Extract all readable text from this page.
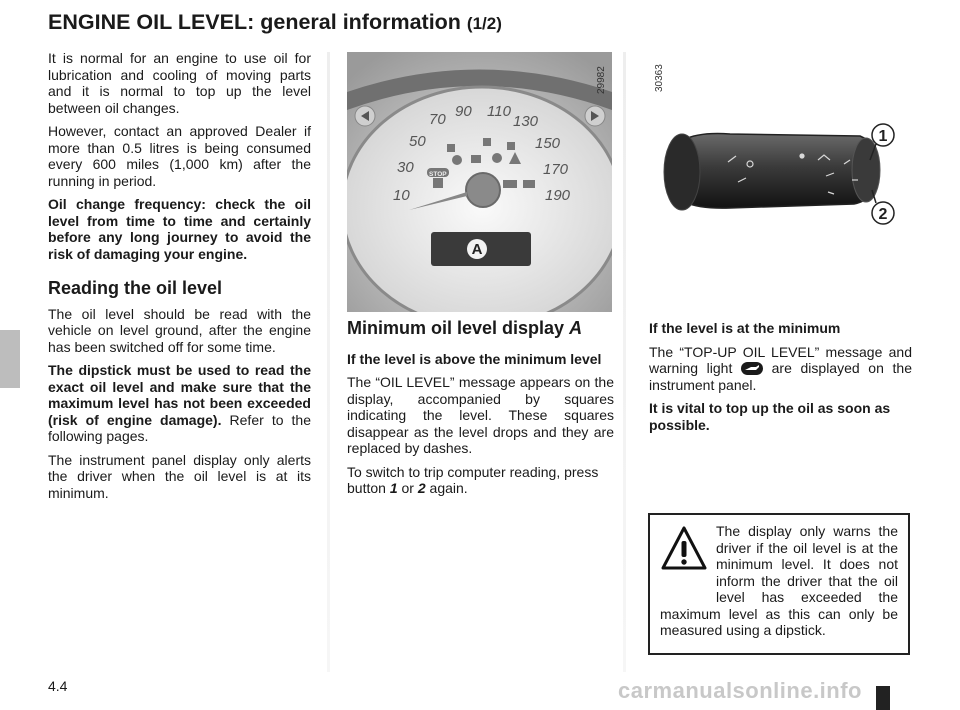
ENGINE OIL LEVEL: general information (1/2)

It is normal for an engine to use oil for lubrication and cooling of moving parts and it is normal to top up the level between oil changes.

However, contact an approved Dealer if more than 0.5 litres is being consumed every 600 miles (1,000 km) after the running in period.

Oil change frequency: check the oil level from time to time and certainly before any long journey to avoid the risk of damaging your engine.

Reading the oil level

The oil level should be read with the vehicle on level ground, after the engine has been switched off for some time.

The dipstick must be used to read the exact oil level and make sure that the maximum level has not been exceeded (risk of engine damage). Refer to the following pages.

The instrument panel display only alerts the driver when the oil level is at its minimum.

10
30
50
70 90 110
130
150
170
190
STOP
A
29982
1
2
30363
Minimum oil level display A

If the level is above the minimum level

The “OIL LEVEL” message appears on the display, accompanied by squares indicating the level. These squares disappear as the level drops and they are replaced by dashes.

To switch to trip computer reading, press button 1 or 2 again.

If the level is at the minimum

The “TOP-UP OIL LEVEL” message and warning light  are displayed on the instrument panel.

It is vital to top up the oil as soon as possible.

The display only warns the driver if the oil level is at the minimum level. It does not inform the driver that the oil level has exceeded the maximum level as this can only be measured using a dipstick.
4.4	carmanualsonline.info
